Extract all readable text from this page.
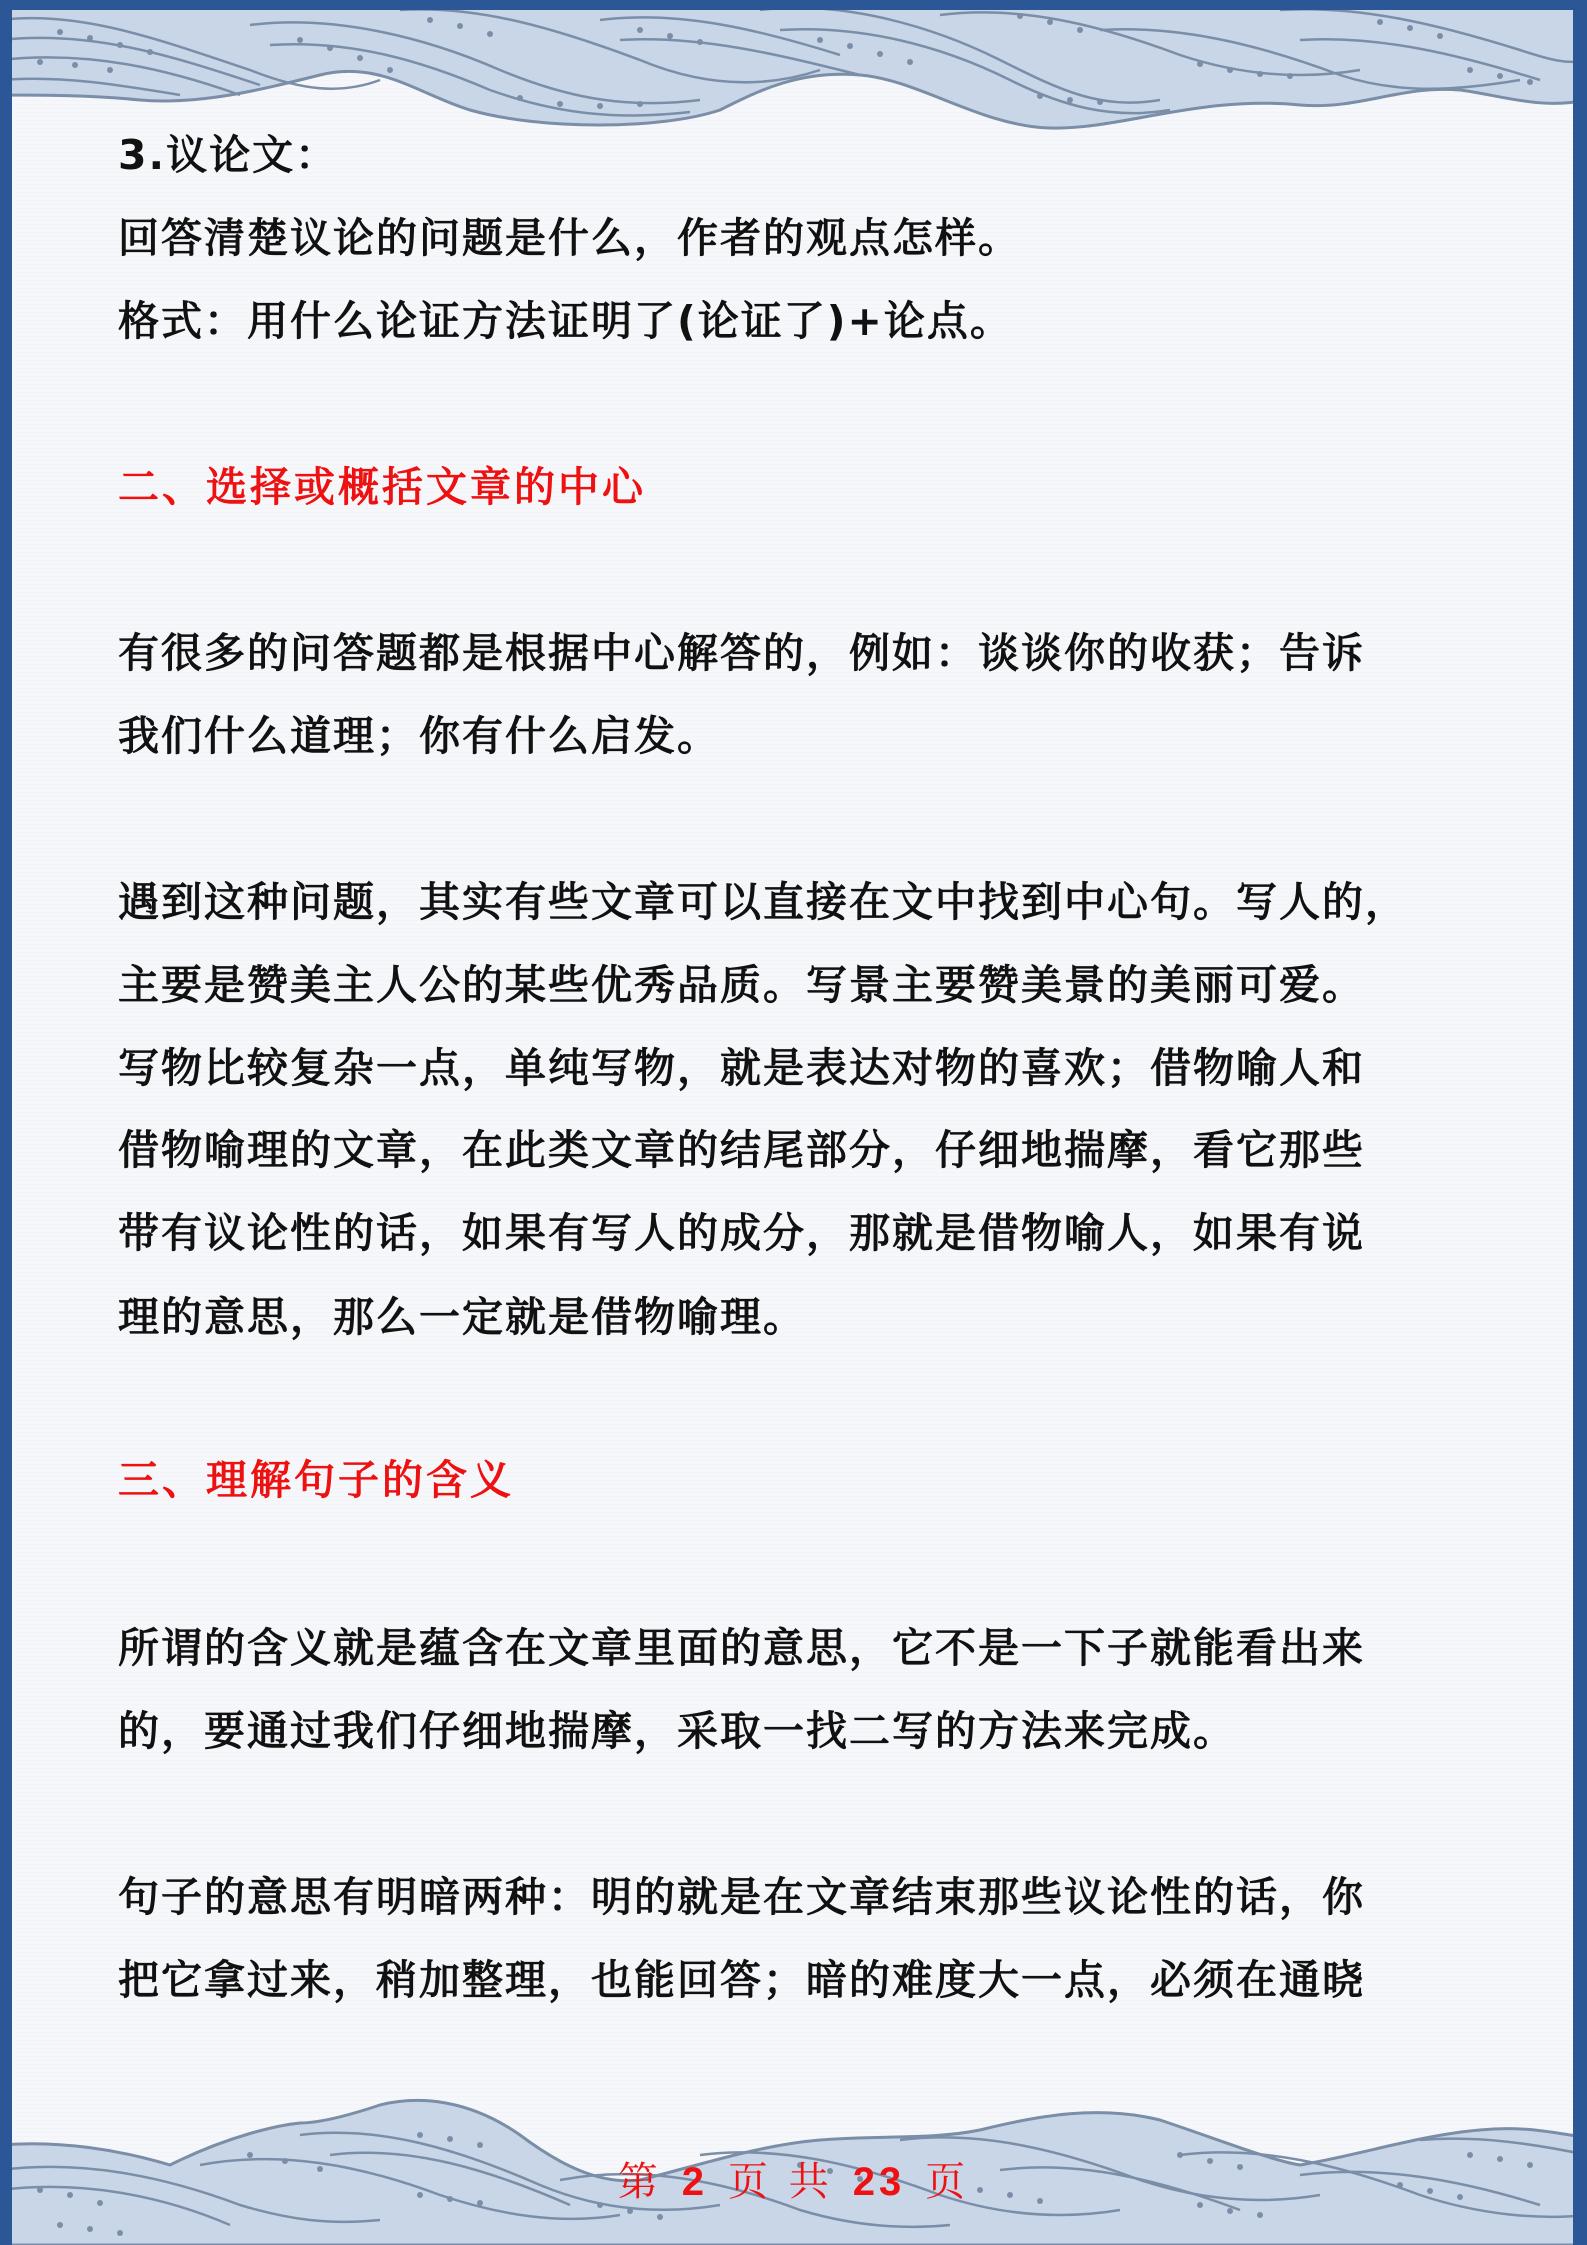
3.议论文：
回答清楚议论的问题是什么，作者的观点怎样。
格式：用什么论证方法证明了(论证了)+论点。
二、选择或概括文章的中心
有很多的问答题都是根据中心解答的，例如：谈谈你的收获；告诉
我们什么道理；你有什么启发。
遇到这种问题，其实有些文章可以直接在文中找到中心句。写人的，
主要是赞美主人公的某些优秀品质。写景主要赞美景的美丽可爱。
写物比较复杂一点，单纯写物，就是表达对物的喜欢；借物喻人和
借物喻理的文章，在此类文章的结尾部分，仔细地揣摩，看它那些
带有议论性的话，如果有写人的成分，那就是借物喻人，如果有说
理的意思，那么一定就是借物喻理。
三、理解句子的含义
所谓的含义就是蕴含在文章里面的意思，它不是一下子就能看出来
的，要通过我们仔细地揣摩，采取一找二写的方法来完成。
句子的意思有明暗两种：明的就是在文章结束那些议论性的话，你
把它拿过来，稍加整理，也能回答；暗的难度大一点，必须在通晓
第 2 页 共 23 页
